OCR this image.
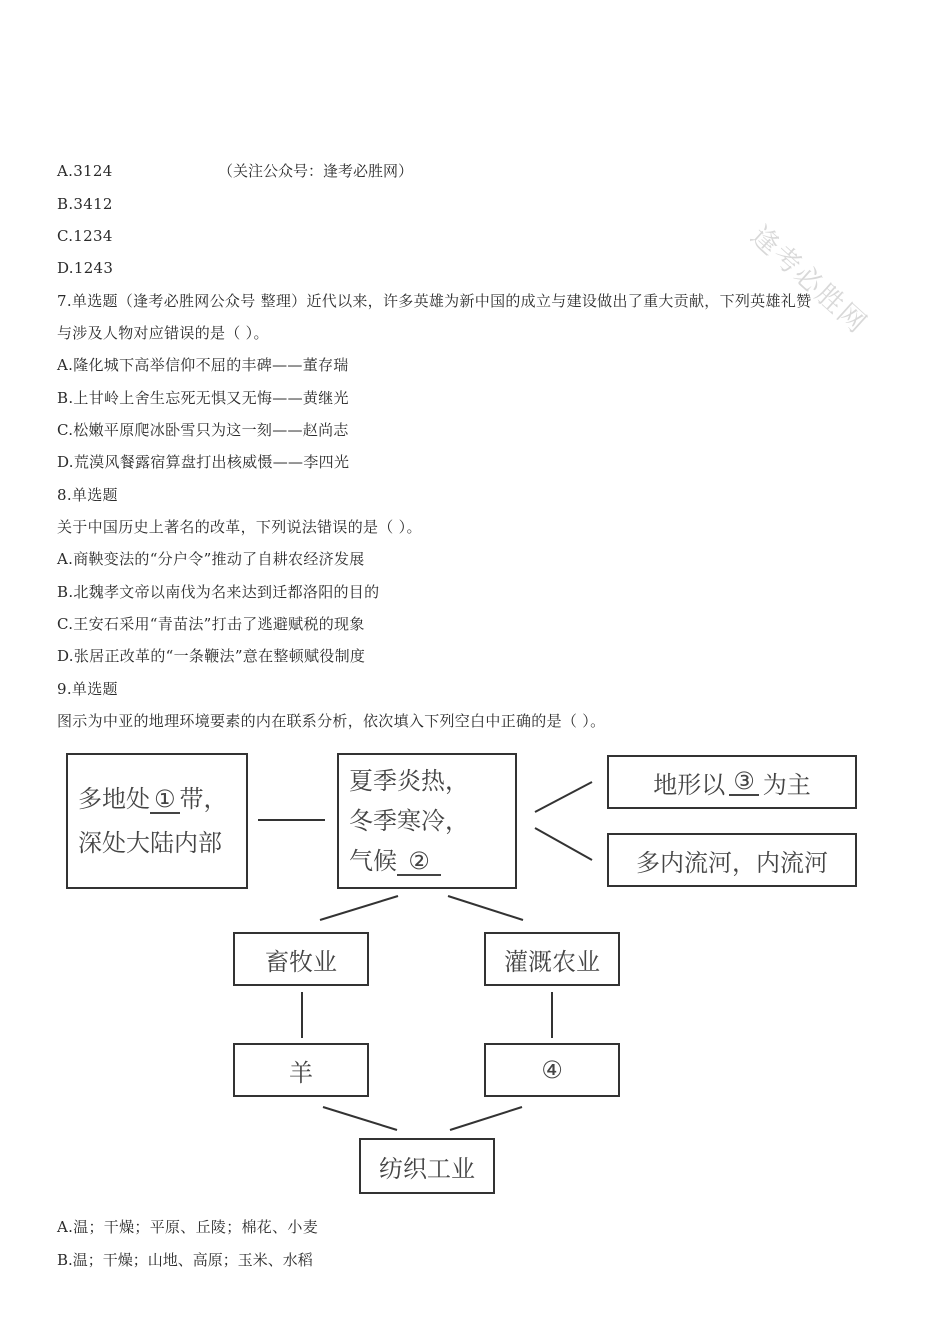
逢考必胜网
A.3124	（关注公众号：逢考必胜网）
B.3412
C.1234
D.1243
7.单选题（逢考必胜网公众号 整理）近代以来，许多英雄为新中国的成立与建设做出了重大贡献，下列英雄礼赞
与涉及人物对应错误的是（ ）。
A.隆化城下高举信仰不屈的丰碑——董存瑞
B.上甘岭上舍生忘死无惧又无悔——黄继光
C.松嫩平原爬冰卧雪只为这一刻——赵尚志
D.荒漠风餐露宿算盘打出核威慑——李四光
8.单选题
关于中国历史上著名的改革，下列说法错误的是（ ）。
A.商鞅变法的“分户令”推动了自耕农经济发展
B.北魏孝文帝以南伐为名来达到迁都洛阳的目的
C.王安石采用“青苗法”打击了逃避赋税的现象
D.张居正改革的“一条鞭法”意在整顿赋役制度
9.单选题
图示为中亚的地理环境要素的内在联系分析，依次填入下列空白中正确的是（ ）。
多地处 ① 带，
深处大陆内部
夏季炎热，
冬季寒冷，
气候 ②
地形以 ③ 为主
多内流河，内流河
畜牧业	灌溉农业
羊	④
纺织工业
A.温；干燥；平原、丘陵；棉花、小麦
B.温；干燥；山地、高原；玉米、水稻
